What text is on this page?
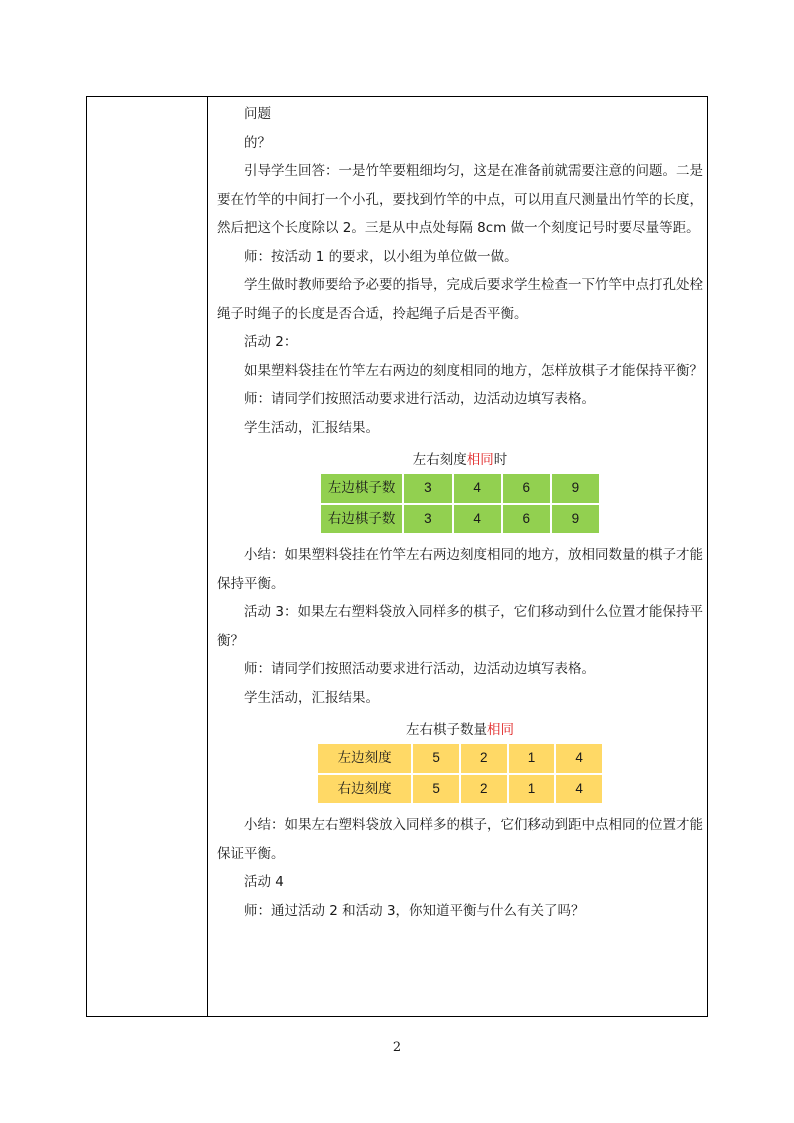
问题

的？

引导学生回答：一是竹竿要粗细均匀，这是在准备前就需要注意的问题。二是要在竹竿的中间打一个小孔，要找到竹竿的中点，可以用直尺测量出竹竿的长度，然后把这个长度除以 2。三是从中点处每隔 8cm 做一个刻度记号时要尽量等距。

师：按活动 1 的要求，以小组为单位做一做。

学生做时教师要给予必要的指导，完成后要求学生检查一下竹竿中点打孔处栓绳子时绳子的长度是否合适，拎起绳子后是否平衡。

活动 2：

如果塑料袋挂在竹竿左右两边的刻度相同的地方，怎样放棋子才能保持平衡？

师：请同学们按照活动要求进行活动，边活动边填写表格。

学生活动，汇报结果。

左右刻度相同时
左边棋子数	3	4	6	9
右边棋子数	3	4	6	9

小结：如果塑料袋挂在竹竿左右两边刻度相同的地方，放相同数量的棋子才能保持平衡。

活动 3：如果左右塑料袋放入同样多的棋子，它们移动到什么位置才能保持平衡？

师：请同学们按照活动要求进行活动，边活动边填写表格。

学生活动，汇报结果。

左右棋子数量相同
左边刻度	5	2	1	4
右边刻度	5	2	1	4

小结：如果左右塑料袋放入同样多的棋子，它们移动到距中点相同的位置才能保证平衡。

活动 4

师：通过活动 2 和活动 3，你知道平衡与什么有关了吗？

2
